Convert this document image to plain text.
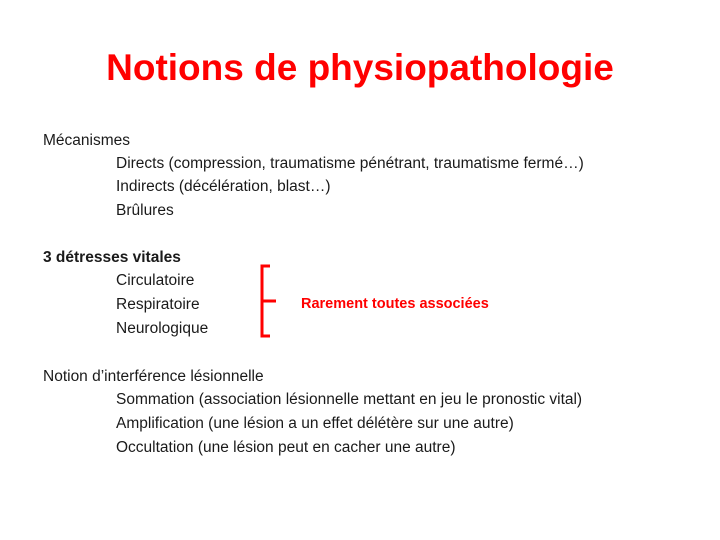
Notions de physiopathologie
Mécanismes
Directs (compression, traumatisme pénétrant, traumatisme fermé…)
Indirects (décélération, blast…)
Brûlures
3 détresses vitales
Circulatoire
Respiratoire
Neurologique
Rarement toutes associées
Notion d’interférence lésionnelle
Sommation (association lésionnelle mettant en jeu le pronostic vital)
Amplification (une lésion a un effet délétère sur une autre)
Occultation (une lésion peut en cacher une autre)
